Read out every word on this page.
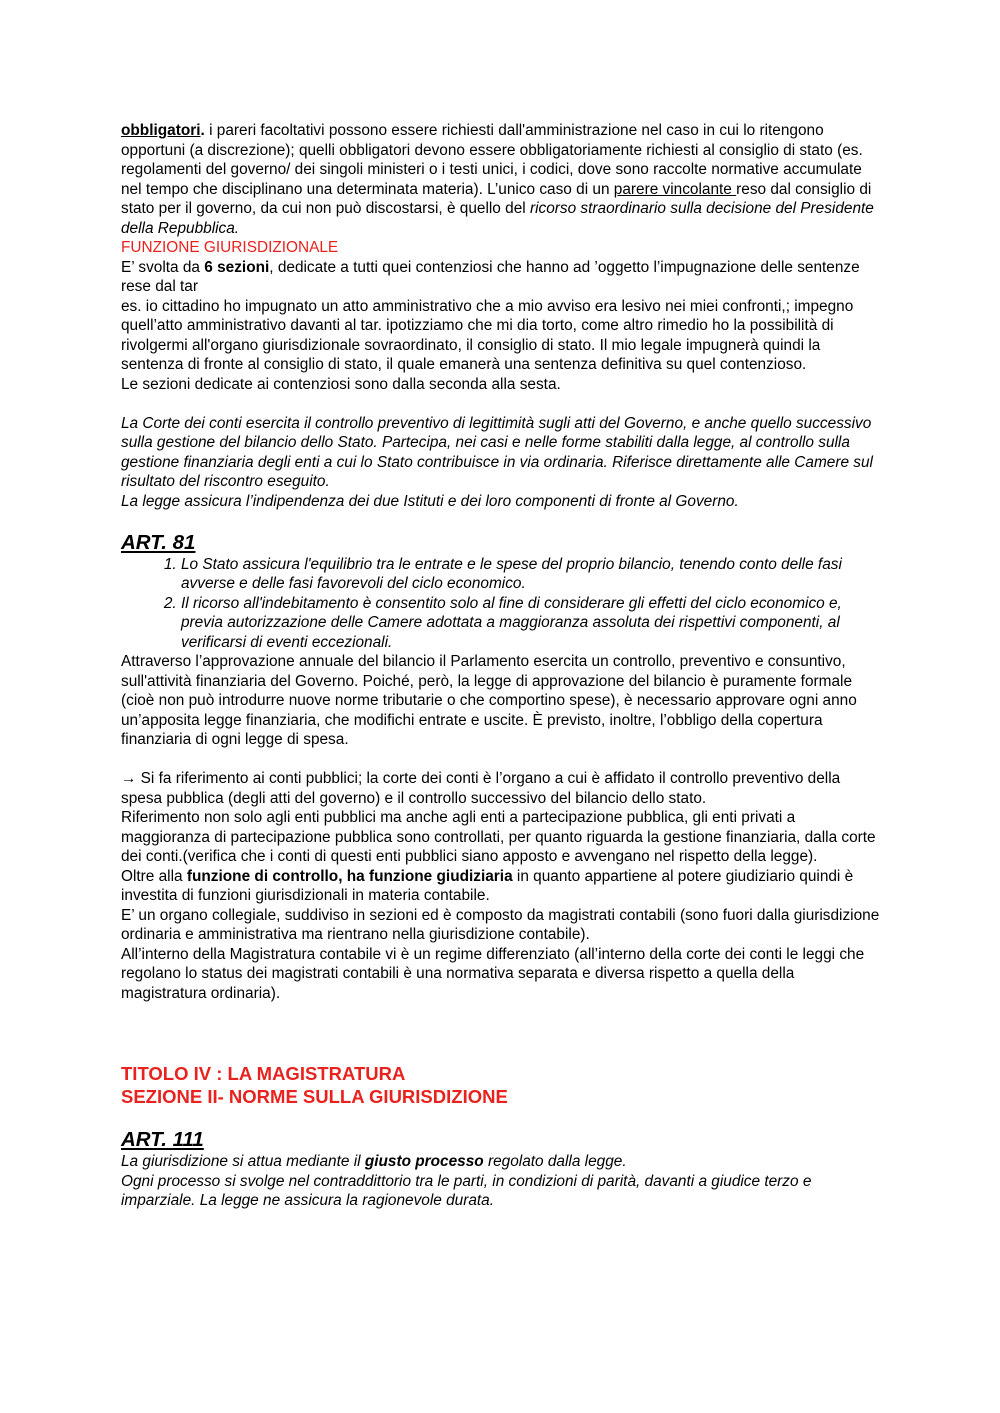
obbligatori. i pareri facoltativi possono essere richiesti dall'amministrazione nel caso in cui lo ritengono opportuni (a discrezione); quelli obbligatori devono essere obbligatoriamente richiesti al consiglio di stato (es. regolamenti del governo/ dei singoli ministeri o i testi unici, i codici, dove sono raccolte normative accumulate nel tempo che disciplinano una determinata materia). L’unico caso di un parere vincolante reso dal consiglio di stato per il governo, da cui non può discostarsi, è quello del ricorso straordinario sulla decisione del Presidente della Repubblica.

FUNZIONE GIURISDIZIONALE

E’ svolta da 6 sezioni, dedicate a tutti quei contenziosi che hanno ad ’oggetto l’impugnazione delle sentenze rese dal tar

es. io cittadino ho impugnato un atto amministrativo che a mio avviso era lesivo nei miei confronti,; impegno quell’atto amministrativo davanti al tar. ipotizziamo che mi dia torto, come altro rimedio ho la possibilità di rivolgermi all'organo giurisdizionale sovraordinato, il consiglio di stato. Il mio legale impugnerà quindi la sentenza di fronte al consiglio di stato, il quale emanerà una sentenza definitiva su quel contenzioso.

Le sezioni dedicate ai contenziosi sono dalla seconda alla sesta.

La Corte dei conti esercita il controllo preventivo di legittimità sugli atti del Governo, e anche quello successivo sulla gestione del bilancio dello Stato. Partecipa, nei casi e nelle forme stabiliti dalla legge, al controllo sulla gestione finanziaria degli enti a cui lo Stato contribuisce in via ordinaria. Riferisce direttamente alle Camere sul risultato del riscontro eseguito.

La legge assicura l’indipendenza dei due Istituti e dei loro componenti di fronte al Governo.

ART. 81
1. Lo Stato assicura l'equilibrio tra le entrate e le spese del proprio bilancio, tenendo conto delle fasi avverse e delle fasi favorevoli del ciclo economico.
2. Il ricorso all'indebitamento è consentito solo al fine di considerare gli effetti del ciclo economico e, previa autorizzazione delle Camere adottata a maggioranza assoluta dei rispettivi componenti, al verificarsi di eventi eccezionali.

Attraverso l’approvazione annuale del bilancio il Parlamento esercita un controllo, preventivo e consuntivo, sull'attività finanziaria del Governo. Poiché, però, la legge di approvazione del bilancio è puramente formale (cioè non può introdurre nuove norme tributarie o che comportino spese), è necessario approvare ogni anno un’apposita legge finanziaria, che modifichi entrate e uscite. È previsto, inoltre, l’obbligo della copertura finanziaria di ogni legge di spesa.

→ Si fa riferimento ai conti pubblici; la corte dei conti è l’organo a cui è affidato il controllo preventivo della spesa pubblica (degli atti del governo) e il controllo successivo del bilancio dello stato.

Riferimento non solo agli enti pubblici ma anche agli enti a partecipazione pubblica, gli enti privati a maggioranza di partecipazione pubblica sono controllati, per quanto riguarda la gestione finanziaria, dalla corte dei conti.(verifica che i conti di questi enti pubblici siano apposto e avvengano nel rispetto della legge).

Oltre alla funzione di controllo, ha funzione giudiziaria in quanto appartiene al potere giudiziario quindi è investita di funzioni giurisdizionali in materia contabile.

E’ un organo collegiale, suddiviso in sezioni ed è composto da magistrati contabili (sono fuori dalla giurisdizione ordinaria e amministrativa ma rientrano nella giurisdizione contabile).

All’interno della Magistratura contabile vi è un regime differenziato (all’interno della corte dei conti le leggi che regolano lo status dei magistrati contabili è una normativa separata e diversa rispetto a quella della magistratura ordinaria).

TITOLO IV : LA MAGISTRATURA
SEZIONE II- NORME SULLA GIURISDIZIONE
ART. 111

La giurisdizione si attua mediante il giusto processo regolato dalla legge.

Ogni processo si svolge nel contraddittorio tra le parti, in condizioni di parità, davanti a giudice terzo e imparziale. La legge ne assicura la ragionevole durata.
